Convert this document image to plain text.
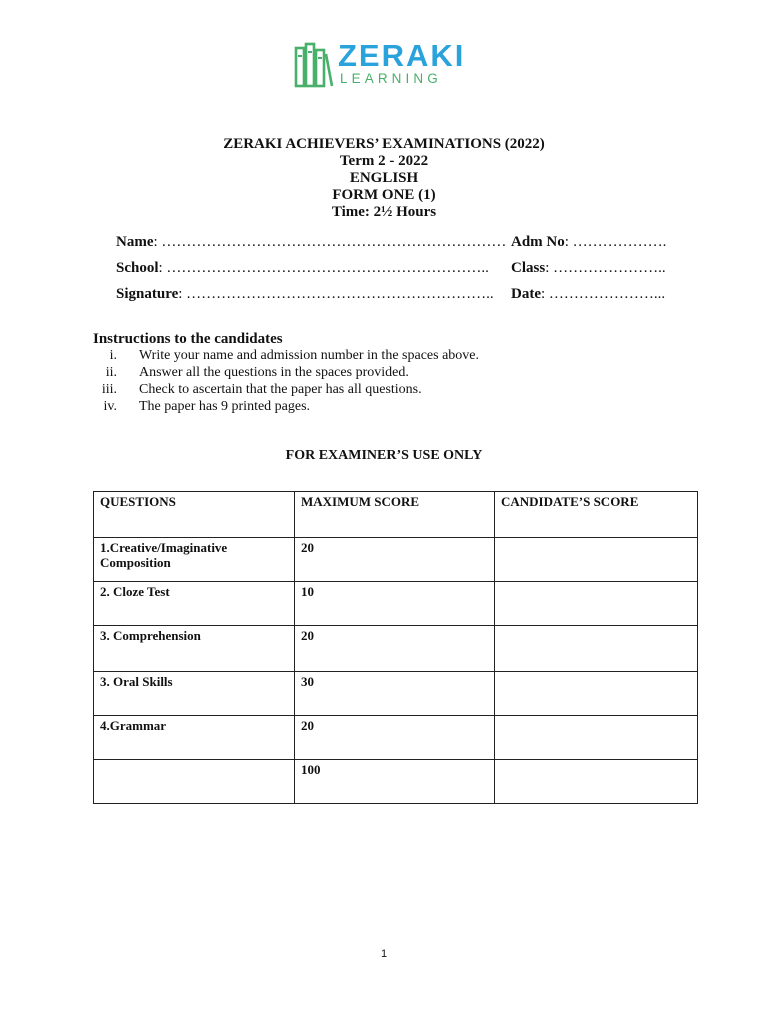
ZERAKI
LEARNING
ZERAKI ACHIEVERS’ EXAMINATIONS (2022)
Term 2 - 2022
ENGLISH
FORM ONE (1)
Time: 2½ Hours
Name: …………………………………………………………… Adm No: ……………….
School: ……………………………………………………….. Class: …………………..
Signature: …………………………………………………….. Date: …………………...
Instructions to the candidates
i. Write your name and admission number in the spaces above.
ii. Answer all the questions in the spaces provided.
iii. Check to ascertain that the paper has all questions.
iv. The paper has 9 printed pages.
FOR EXAMINER’S USE ONLY
QUESTIONS	MAXIMUM SCORE	CANDIDATE’S SCORE

1.Creative/Imaginative
Composition	20	

2. Cloze Test	10	

3. Comprehension	20	

3. Oral Skills	30	

4.Grammar	20	
	100	
1
